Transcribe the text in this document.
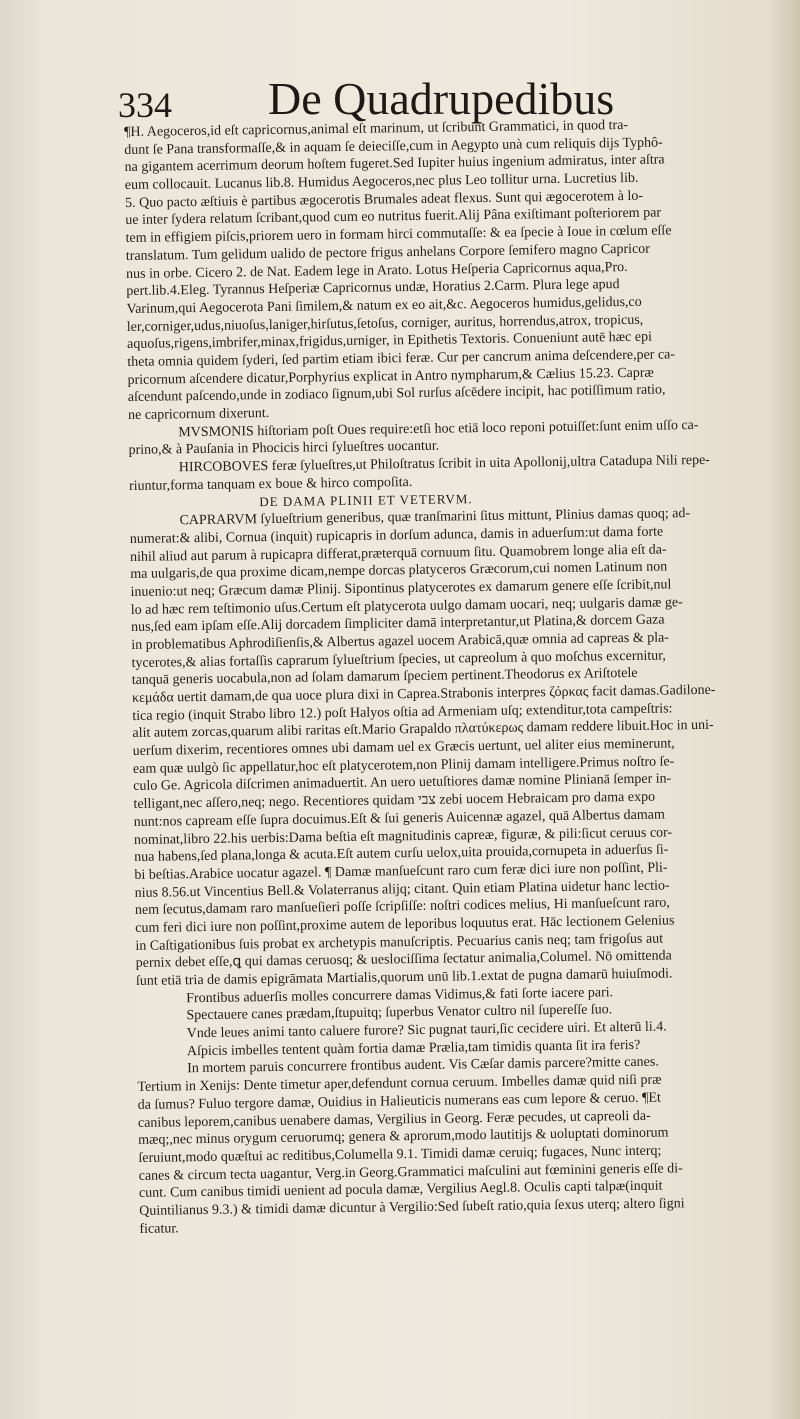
334 De Quadrupedibus
¶H. Aegoceros,id eſt capricornus,animal eſt marinum, ut ſcribunt Grammatici, in quod tra-
dunt ſe Pana transformaſſe,& in aquam ſe deieciſſe,cum in Aegypto unà cum reliquis dijs Typhô-
na gigantem acerrimum deorum hoſtem fugeret.Sed Iupiter huius ingenium admiratus, inter aſtra
eum collocauit. Lucanus lib.8. Humidus Aegoceros,nec plus Leo tollitur urna. Lucretius lib.
5. Quo pacto æſtiuis è partibus ægocerotis Brumales adeat flexus. Sunt qui ægocerotem à lo-
ue inter ſydera relatum ſcribant,quod cum eo nutritus fuerit.Alij Pâna exiſtimant poſteriorem par
tem in effigiem piſcis,priorem uero in formam hirci commutaſſe: & ea ſpecie à Ioue in cœlum eſſe
translatum. Tum gelidum ualido de pectore frigus anhelans Corpore ſemifero magno Capricor
nus in orbe. Cicero 2. de Nat. Eadem lege in Arato. Lotus Heſperia Capricornus aqua,Pro.
pert.lib.4.Eleg. Tyrannus Heſperiæ Capricornus undæ, Horatius 2.Carm. Plura lege apud
Varinum,qui Aegocerota Pani ſimilem,& natum ex eo ait,&c. Aegoceros humidus,gelidus,co
ler,corniger,udus,niuoſus,laniger,hirſutus,ſetoſus, corniger, auritus, horrendus,atrox, tropicus,
aquoſus,rigens,imbrifer,minax,frigidus,urniger, in Epithetis Textoris. Conueniunt autē hæc epi
theta omnia quidem ſyderi, ſed partim etiam ibici feræ. Cur per cancrum anima deſcendere,per ca-
pricornum aſcendere dicatur,Porphyrius explicat in Antro nympharum,& Cælius 15.23. Capræ
aſcendunt paſcendo,unde in zodiaco ſignum,ubi Sol rurſus aſcēdere incipit, hac potiſſimum ratio,
ne capricornum dixerunt.
MVSMONIS hiſtoriam poſt Oues require:etſi hoc etiā loco reponi potuiſſet:ſunt enim uſſo ca-
prino,& à Pauſania in Phocicis hirci ſylueſtres uocantur.
HIRCOBOVES feræ ſylueſtres,ut Philoſtratus ſcribit in uita Apollonij,ultra Catadupa Nili repe-
riuntur,forma tanquam ex boue & hirco compoſita.
DE DAMA PLINII ET VETERVM.
CAPRARVM ſylueſtrium generibus, quæ tranſmarini ſitus mittunt, Plinius damas quoq; ad-
numerat:& alibi, Cornua (inquit) rupicapris in dorſum adunca, damis in aduerſum:ut dama forte
nihil aliud aut parum à rupicapra differat,præterquā cornuum ſitu. Quamobrem longe alia eſt da-
ma uulgaris,de qua proxime dicam,nempe dorcas platyceros Græcorum,cui nomen Latinum non
inuenio:ut neq; Græcum damæ Plinij. Sipontinus platycerotes ex damarum genere eſſe ſcribit,nul
lo ad hæc rem teſtimonio uſus.Certum eſt platycerota uulgo damam uocari, neq; uulgaris damæ ge-
nus,ſed eam ipſam eſſe.Alij dorcadem ſimpliciter damā interpretantur,ut Platina,& dorcem Gaza
in problematibus Aphrodiſienſis,& Albertus agazel uocem Arabicā,quæ omnia ad capreas & pla-
tycerotes,& alias fortaſſis caprarum ſylueſtrium ſpecies, ut capreolum à quo moſchus excernitur,
tanquā generis uocabula,non ad ſolam damarum ſpeciem pertinent.Theodorus ex Ariſtotele
κεμάδα uertit damam,de qua uoce plura dixi in Caprea.Strabonis interpres ζόρκας facit damas.Gadilone-
tica regio (inquit Strabo libro 12.) poſt Halyos oſtia ad Armeniam uſq; extenditur,tota campeſtris:
alit autem zorcas,quarum alibi raritas eſt.Mario Grapaldo πλατύκερως damam reddere libuit.Hoc in uni-
uerſum dixerim, recentiores omnes ubi damam uel ex Græcis uertunt, uel aliter eius meminerunt,
eam quæ uulgò ſic appellatur,hoc eſt platycerotem,non Plinij damam intelligere.Primus noſtro ſe-
culo Ge. Agricola diſcrimen animaduertit. An uero uetuſtiores damæ nomine Plinianā ſemper in-
telligant,nec aſſero,neq; nego. Recentiores quidam צבי zebi uocem Hebraicam pro dama expo
nunt:nos capream eſſe ſupra docuimus.Eſt & ſui generis Auicennæ agazel, quā Albertus damam
nominat,libro 22.his uerbis:Dama beſtia eſt magnitudinis capreæ, figuræ, & pili:ſicut ceruus cor-
nua habens,ſed plana,longa & acuta.Eſt autem curſu uelox,uita prouida,cornupeta in aduerſus ſi-
bi beſtias.Arabice uocatur agazel. ¶ Damæ manſueſcunt raro cum feræ dici iure non poſſint, Pli-
nius 8.56.ut Vincentius Bell.& Volaterranus alijq; citant. Quin etiam Platina uidetur hanc lectio-
nem ſecutus,damam raro manſueſieri poſſe ſcripſiſſe: noſtri codices melius, Hi manſueſcunt raro,
cum feri dici iure non poſſint,proxime autem de leporibus loquutus erat. Hāc lectionem Gelenius
in Caſtigationibus ſuis probat ex archetypis manuſcriptis. Pecuarius canis neq; tam frigoſus aut
pernix debet eſſe,ꝗ qui damas ceruosq; & ueslociſſima ſectatur animalia,Columel. Nō omittenda
ſunt etiā tria de damis epigrāmata Martialis,quorum unū lib.1.extat de pugna damarū huiuſmodi.
Frontibus aduerſis molles concurrere damas Vidimus,& fati ſorte iacere pari.
Spectauere canes prædam,ſtupuitq; ſuperbus Venator cultro nil ſupereſſe ſuo.
Vnde leues animi tanto caluere furore? Sic pugnat tauri,ſic cecidere uiri. Et alterū li.4.
Aſpicis imbelles tentent quàm fortia damæ Prælia,tam timidis quanta ſit ira feris?
In mortem paruis concurrere frontibus audent. Vis Cæſar damis parcere?mitte canes.
Tertium in Xenijs: Dente timetur aper,defendunt cornua ceruum. Imbelles damæ quid niſi præ
da ſumus? Fuluo tergore damæ, Ouidius in Halieuticis numerans eas cum lepore & ceruo. ¶Et
canibus leporem,canibus uenabere damas, Vergilius in Georg. Feræ pecudes, ut capreoli da-
mæq;,nec minus orygum ceruorumq; genera & aprorum,modo lautitijs & uoluptati dominorum
ſeruiunt,modo quæſtui ac reditibus,Columella 9.1. Timidi damæ ceruiq; fugaces, Nunc interq;
canes & circum tecta uagantur, Verg.in Georg.Grammatici maſculini aut fœminini generis eſſe di-
cunt. Cum canibus timidi uenient ad pocula damæ, Vergilius Aegl.8. Oculis capti talpæ(inquit
Quintilianus 9.3.) & timidi damæ dicuntur à Vergilio:Sed ſubeſt ratio,quia ſexus uterq; altero ſigni
ficatur.
